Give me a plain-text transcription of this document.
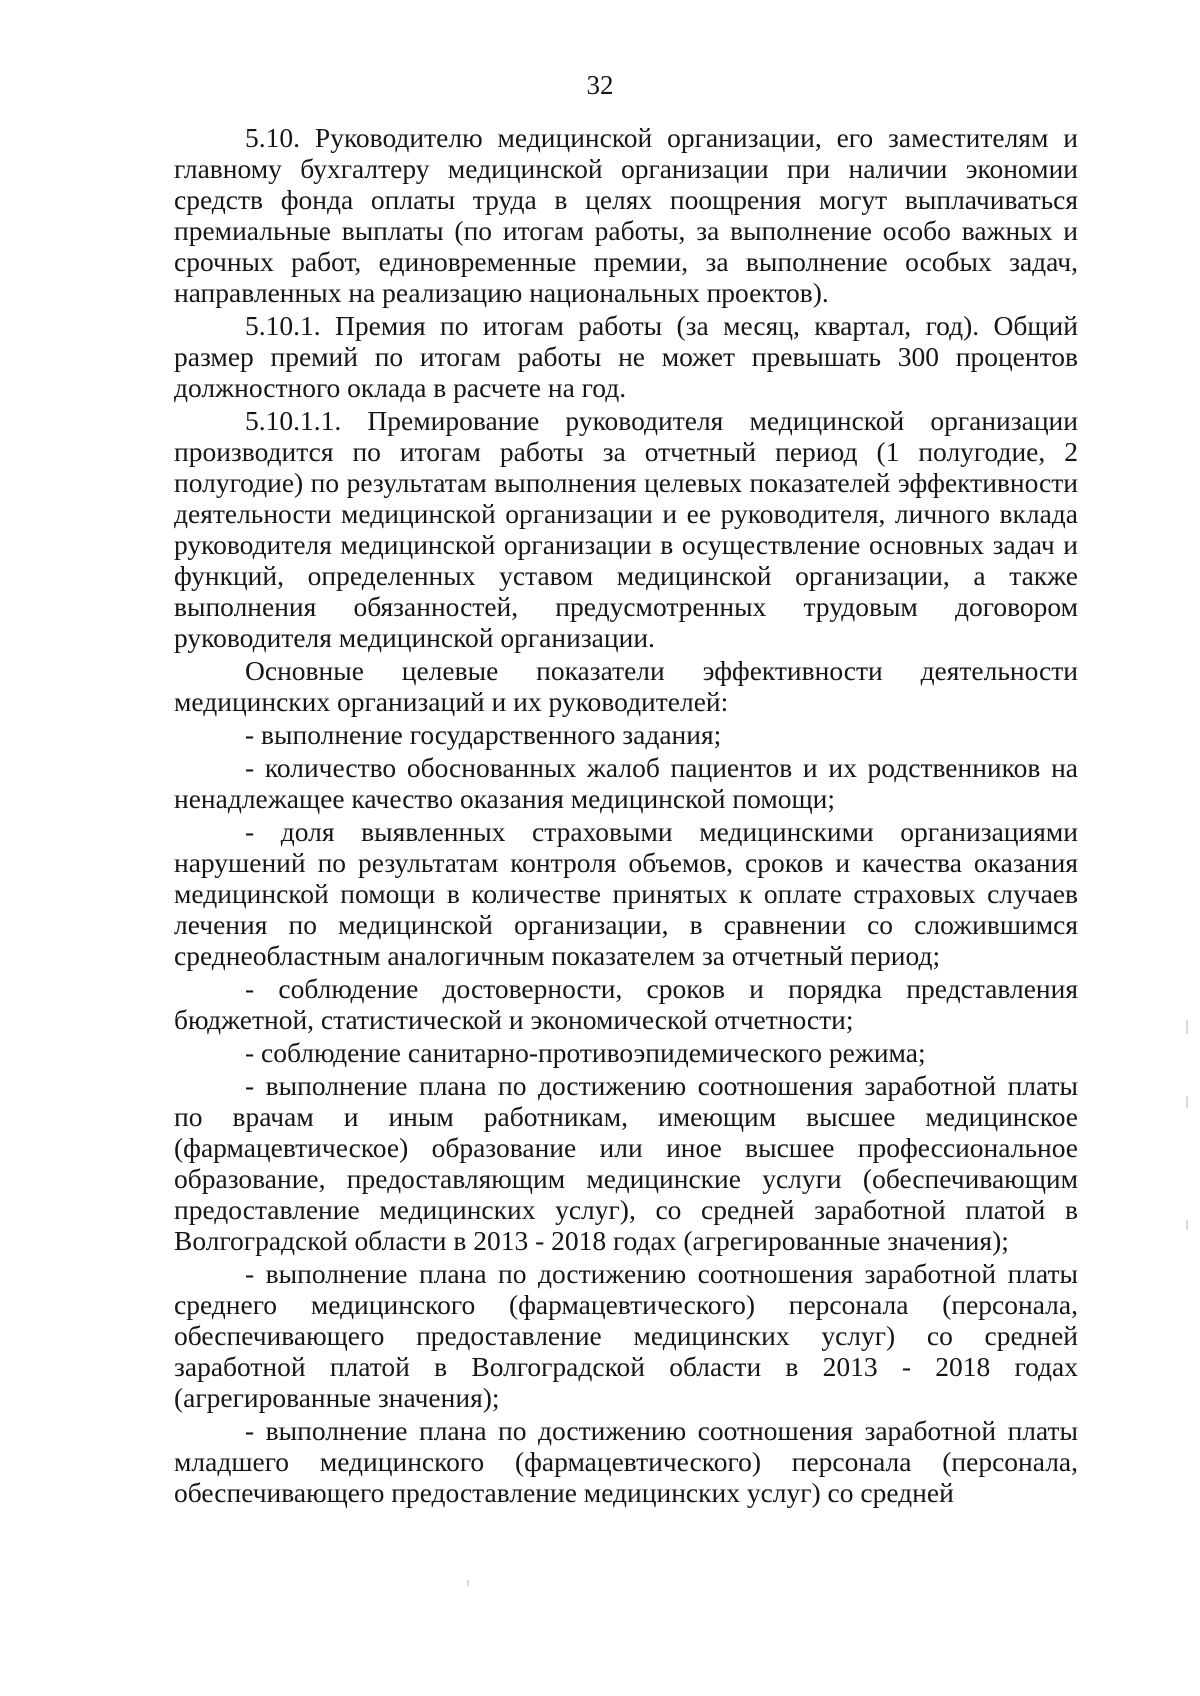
32

5.10. Руководителю медицинской организации, его заместителям и главному бухгалтеру медицинской организации при наличии экономии средств фонда оплаты труда в целях поощрения могут выплачиваться премиальные выплаты (по итогам работы, за выполнение особо важных и срочных работ, единовременные премии, за выполнение особых задач, направленных на реализацию национальных проектов).

5.10.1. Премия по итогам работы (за месяц, квартал, год). Общий размер премий по итогам работы не может превышать 300 процентов должностного оклада в расчете на год.

5.10.1.1. Премирование руководителя медицинской организации производится по итогам работы за отчетный период (1 полугодие, 2 полугодие) по результатам выполнения целевых показателей эффективности деятельности медицинской организации и ее руководителя, личного вклада руководителя медицинской организации в осуществление основных задач и функций, определенных уставом медицинской организации, а также выполнения обязанностей, предусмотренных трудовым договором руководителя медицинской организации.

Основные целевые показатели эффективности деятельности медицинских организаций и их руководителей:

- выполнение государственного задания;

- количество обоснованных жалоб пациентов и их родственников на ненадлежащее качество оказания медицинской помощи;

- доля выявленных страховыми медицинскими организациями нарушений по результатам контроля объемов, сроков и качества оказания медицинской помощи в количестве принятых к оплате страховых случаев лечения по медицинской организации, в сравнении со сложившимся среднеобластным аналогичным показателем за отчетный период;

- соблюдение достоверности, сроков и порядка представления бюджетной, статистической и экономической отчетности;

- соблюдение санитарно-противоэпидемического режима;

- выполнение плана по достижению соотношения заработной платы по врачам и иным работникам, имеющим высшее медицинское (фармацевтическое) образование или иное высшее профессиональное образование, предоставляющим медицинские услуги (обеспечивающим предоставление медицинских услуг), со средней заработной платой в Волгоградской области в 2013 - 2018 годах (агрегированные значения);

- выполнение плана по достижению соотношения заработной платы среднего медицинского (фармацевтического) персонала (персонала, обеспечивающего предоставление медицинских услуг) со средней заработной платой в Волгоградской области в 2013 - 2018 годах (агрегированные значения);

- выполнение плана по достижению соотношения заработной платы младшего медицинского (фармацевтического) персонала (персонала, обеспечивающего предоставление медицинских услуг) со средней
